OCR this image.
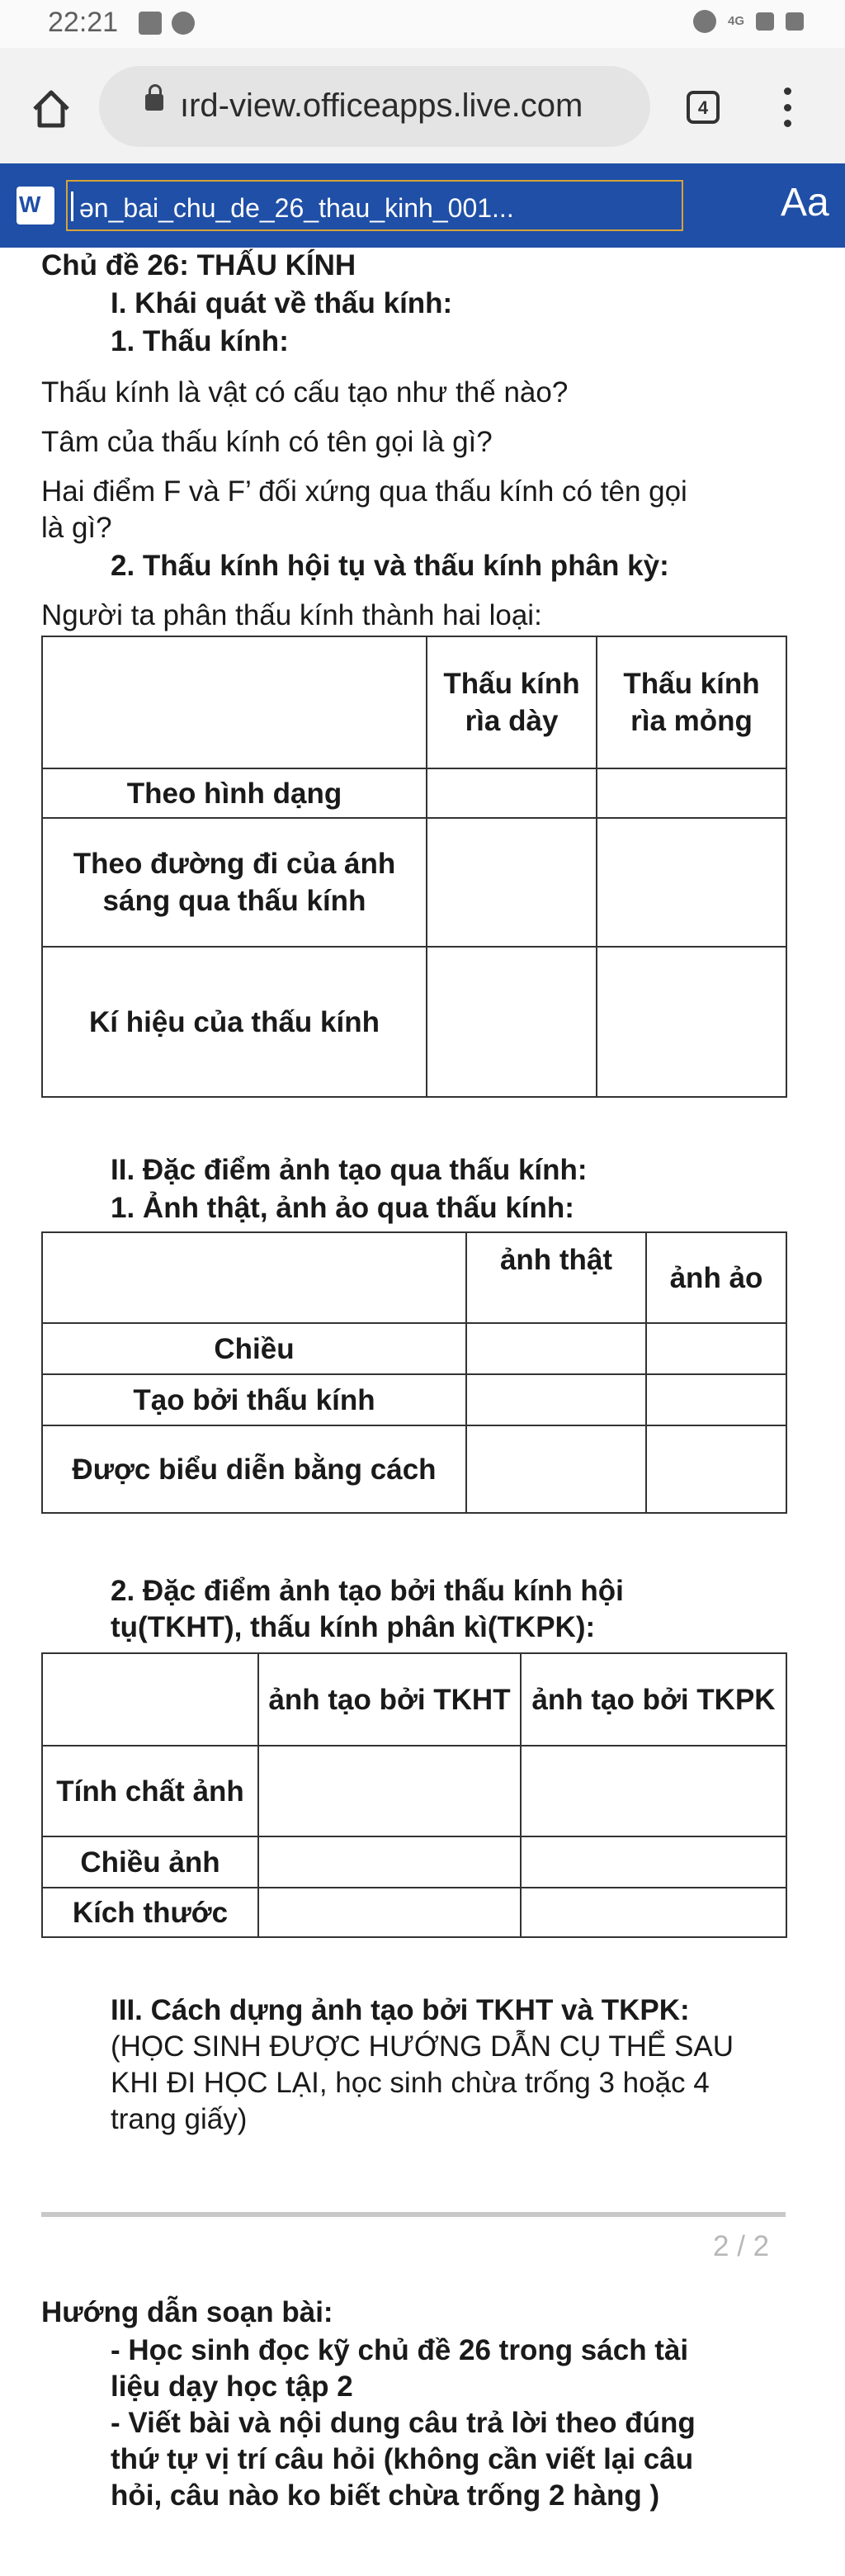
22:21	4G
ırd-view.officeapps.live.com	4
W
ən_bai_chu_de_26_thau_kinh_001...	Aa
Chủ đề 26: THẤU KÍNH
I. Khái quát về thấu kính:
1. Thấu kính:
Thấu kính là vật có cấu tạo như thế nào?
Tâm của thấu kính có tên gọi là gì?
Hai điểm F và F’ đối xứng qua thấu kính có tên gọi
là gì?
2. Thấu kính hội tụ và thấu kính phân kỳ:
Người ta phân thấu kính thành hai loại:
	Thấu kính rìa dày	Thấu kính rìa mỏng
Theo hình dạng		
Theo đường đi của ánh sáng qua thấu kính		
Kí hiệu của thấu kính		
II. Đặc điểm ảnh tạo qua thấu kính:
1. Ảnh thật, ảnh ảo qua thấu kính:
	ảnh thật	ảnh ảo
Chiều		
Tạo bởi thấu kính		
Được biểu diễn bằng cách		
2. Đặc điểm ảnh tạo bởi thấu kính hội
tụ(TKHT), thấu kính phân kì(TKPK):
	ảnh tạo bởi TKHT	ảnh tạo bởi TKPK
Tính chất ảnh		
Chiều ảnh		
Kích thước		
III. Cách dựng ảnh tạo bởi TKHT và TKPK:
(HỌC SINH ĐƯỢC HƯỚNG DẪN CỤ THỂ SAU
KHI ĐI HỌC LẠI, học sinh chừa trống 3 hoặc 4
trang giấy)
2 / 2
Hướng dẫn soạn bài:
- Học sinh đọc kỹ chủ đề 26 trong sách tài
liệu dạy học tập 2
- Viết bài và nội dung câu trả lời theo đúng
thứ tự vị trí câu hỏi (không cần viết lại câu
hỏi, câu nào ko biết chừa trống 2 hàng )
